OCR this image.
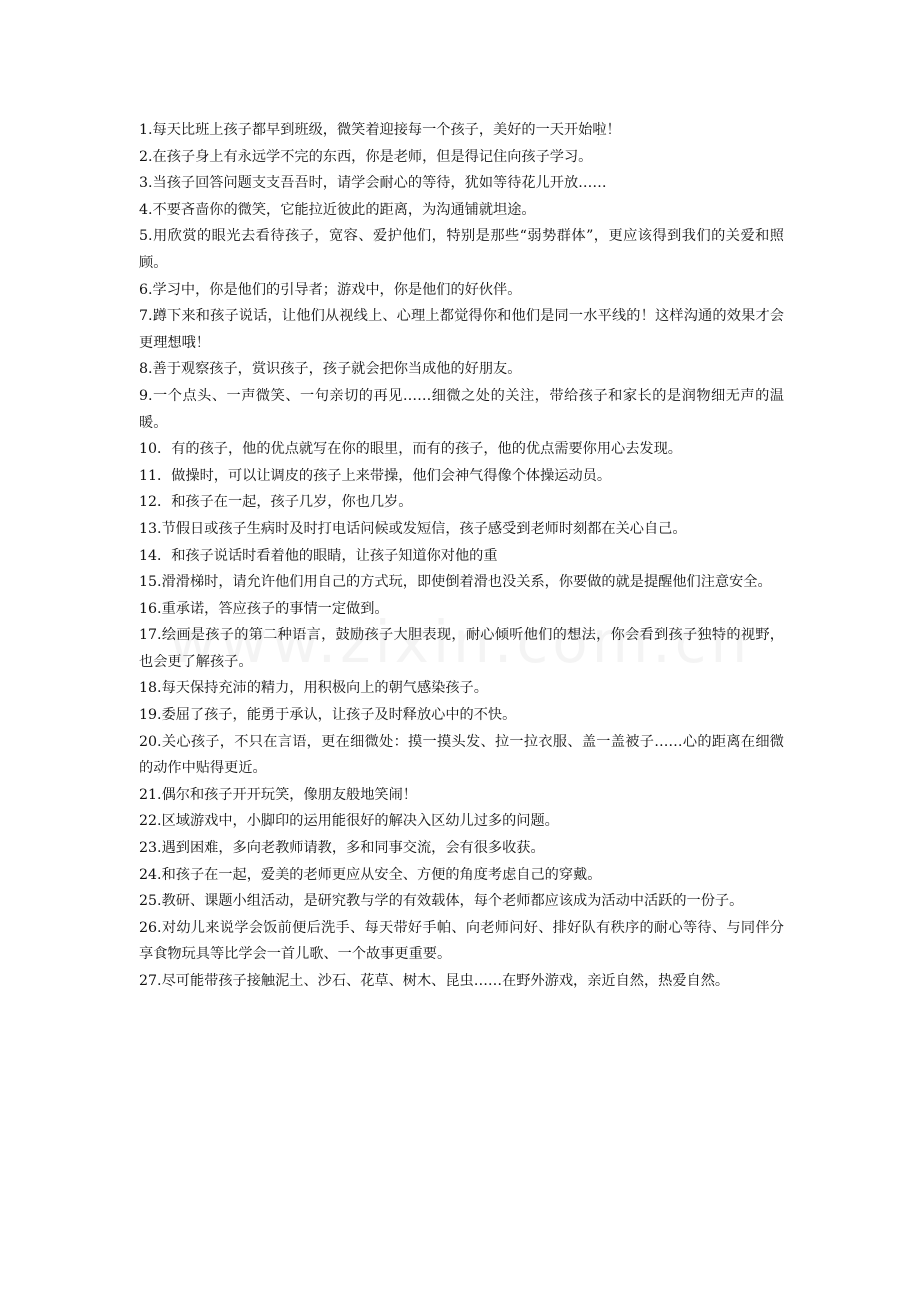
1.每天比班上孩子都早到班级，微笑着迎接每一个孩子，美好的一天开始啦！

2.在孩子身上有永远学不完的东西，你是老师，但是得记住向孩子学习。

3.当孩子回答问题支支吾吾时，请学会耐心的等待，犹如等待花儿开放……

4.不要吝啬你的微笑，它能拉近彼此的距离，为沟通铺就坦途。

5.用欣赏的眼光去看待孩子，宽容、爱护他们，特别是那些“弱势群体”，更应该得到我们的关爱和照顾。

6.学习中，你是他们的引导者；游戏中，你是他们的好伙伴。

7.蹲下来和孩子说话，让他们从视线上、心理上都觉得你和他们是同一水平线的！这样沟通的效果才会更理想哦！

8.善于观察孩子，赏识孩子，孩子就会把你当成他的好朋友。

9.一个点头、一声微笑、一句亲切的再见……细微之处的关注，带给孩子和家长的是润物细无声的温暖。

10．有的孩子，他的优点就写在你的眼里，而有的孩子，他的优点需要你用心去发现。

11．做操时，可以让调皮的孩子上来带操，他们会神气得像个体操运动员。

12．和孩子在一起，孩子几岁，你也几岁。

13.节假日或孩子生病时及时打电话问候或发短信，孩子感受到老师时刻都在关心自己。

14．和孩子说话时看着他的眼睛，让孩子知道你对他的重

15.滑滑梯时，请允许他们用自己的方式玩，即使倒着滑也没关系，你要做的就是提醒他们注意安全。

16.重承诺，答应孩子的事情一定做到。

17.绘画是孩子的第二种语言，鼓励孩子大胆表现，耐心倾听他们的想法，你会看到孩子独特的视野，也会更了解孩子。

18.每天保持充沛的精力，用积极向上的朝气感染孩子。

19.委屈了孩子，能勇于承认，让孩子及时释放心中的不快。

20.关心孩子，不只在言语，更在细微处：摸一摸头发、拉一拉衣服、盖一盖被子……心的距离在细微的动作中贴得更近。

21.偶尔和孩子开开玩笑，像朋友般地笑闹！

22.区域游戏中，小脚印的运用能很好的解决入区幼儿过多的问题。

23.遇到困难，多向老教师请教，多和同事交流，会有很多收获。

24.和孩子在一起，爱美的老师更应从安全、方便的角度考虑自己的穿戴。

25.教研、课题小组活动，是研究教与学的有效载体，每个老师都应该成为活动中活跃的一份子。

26.对幼儿来说学会饭前便后洗手、每天带好手帕、向老师问好、排好队有秩序的耐心等待、与同伴分享食物玩具等比学会一首儿歌、一个故事更重要。

27.尽可能带孩子接触泥土、沙石、花草、树木、昆虫……在野外游戏，亲近自然，热爱自然。
